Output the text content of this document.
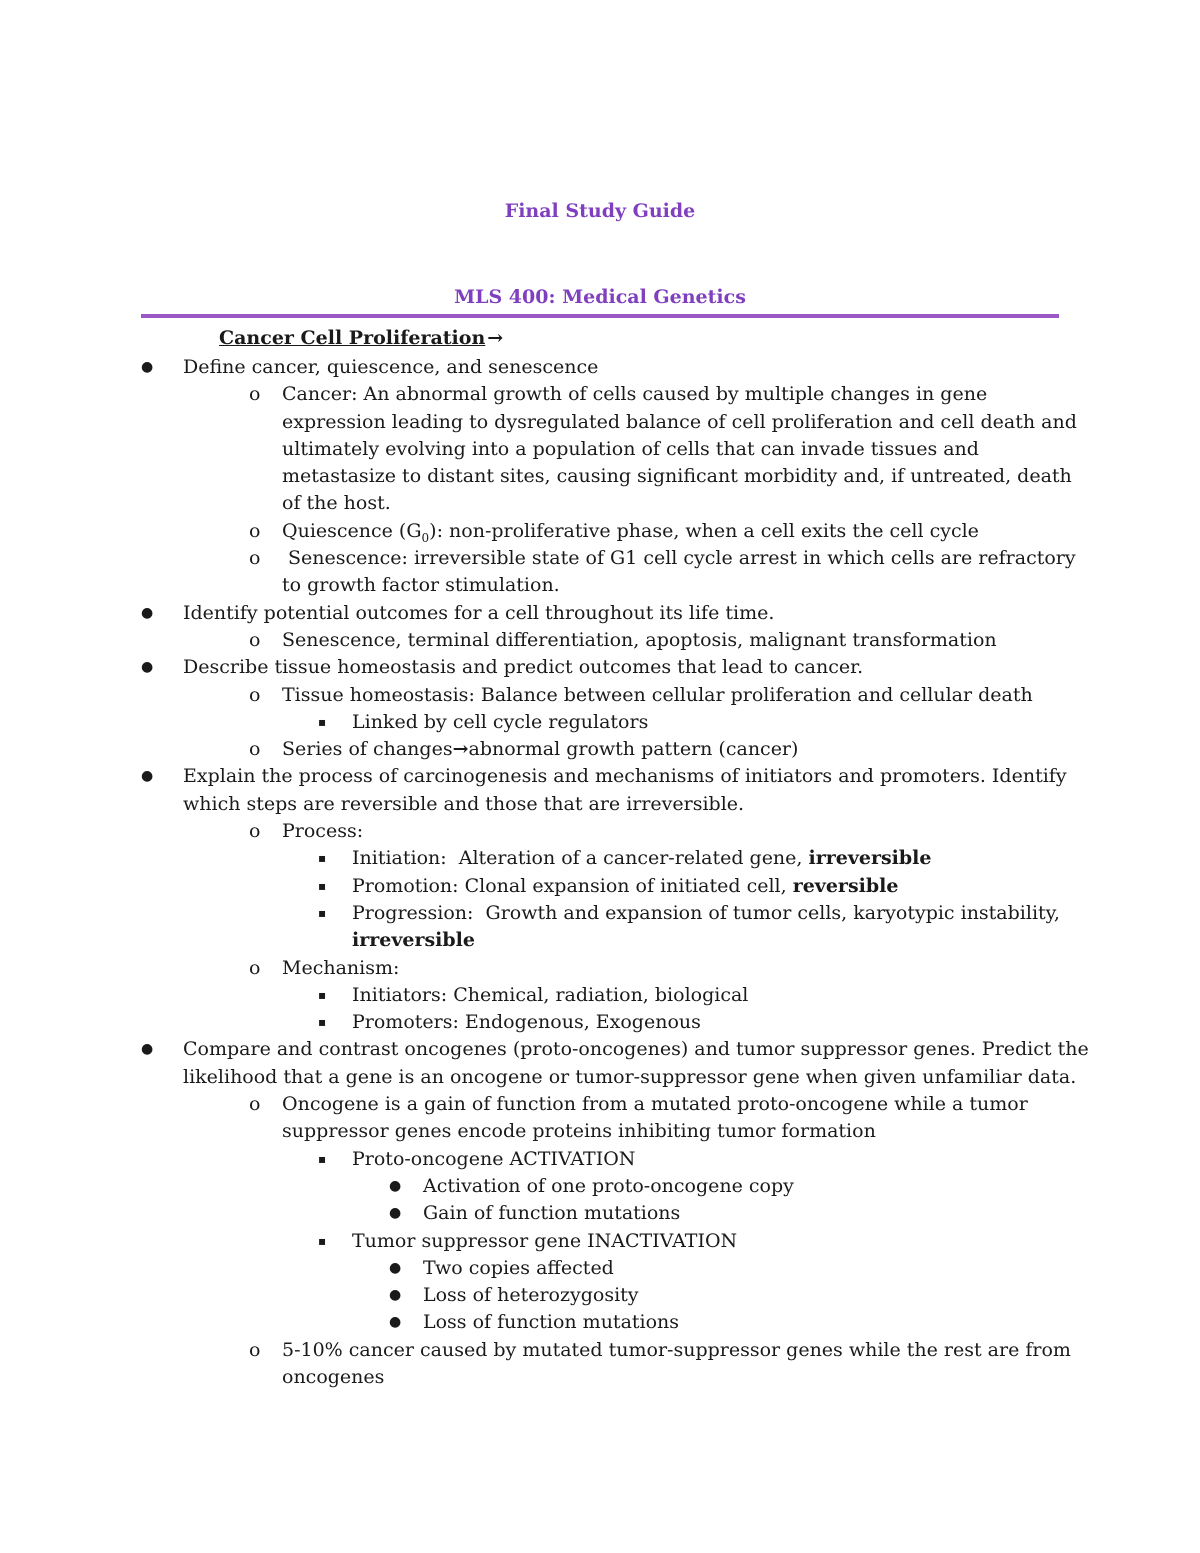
Final Study Guide
MLS 400: Medical Genetics
Cancer Cell Proliferation →
● Define cancer, quiescence, and senescence
o Cancer: An abnormal growth of cells caused by multiple changes in gene
expression leading to dysregulated balance of cell proliferation and cell death and
ultimately evolving into a population of cells that can invade tissues and
metastasize to distant sites, causing significant morbidity and, if untreated, death
of the host.
o Quiescence $(G_0)$: non-proliferative phase, when a cell exits the cell cycle
o Senescence: irreversible state of G1 cell cycle arrest in which cells are refractory
to growth factor stimulation.
● Identify potential outcomes for a cell throughout its life time.
o Senescence, terminal differentiation, apoptosis, malignant transformation
● Describe tissue homeostasis and predict outcomes that lead to cancer.
o Tissue homeostasis: Balance between cellular proliferation and cellular death
▪ Linked by cell cycle regulators
o Series of changes→abnormal growth pattern (cancer)
● Explain the process of carcinogenesis and mechanisms of initiators and promoters. Identify
which steps are reversible and those that are irreversible.
o Process:
▪ Initiation:  Alteration of a cancer-related gene, irreversible
▪ Promotion: Clonal expansion of initiated cell, reversible
▪ Progression:  Growth and expansion of tumor cells, karyotypic instability,
irreversible
o Mechanism:
▪ Initiators: Chemical, radiation, biological
▪ Promoters: Endogenous, Exogenous
● Compare and contrast oncogenes (proto-oncogenes) and tumor suppressor genes. Predict the
likelihood that a gene is an oncogene or tumor-suppressor gene when given unfamiliar data.
o Oncogene is a gain of function from a mutated proto-oncogene while a tumor
suppressor genes encode proteins inhibiting tumor formation
▪ Proto-oncogene ACTIVATION
● Activation of one proto-oncogene copy
● Gain of function mutations
▪ Tumor suppressor gene INACTIVATION
● Two copies affected
● Loss of heterozygosity
● Loss of function mutations
o 5-10% cancer caused by mutated tumor-suppressor genes while the rest are from
oncogenes
